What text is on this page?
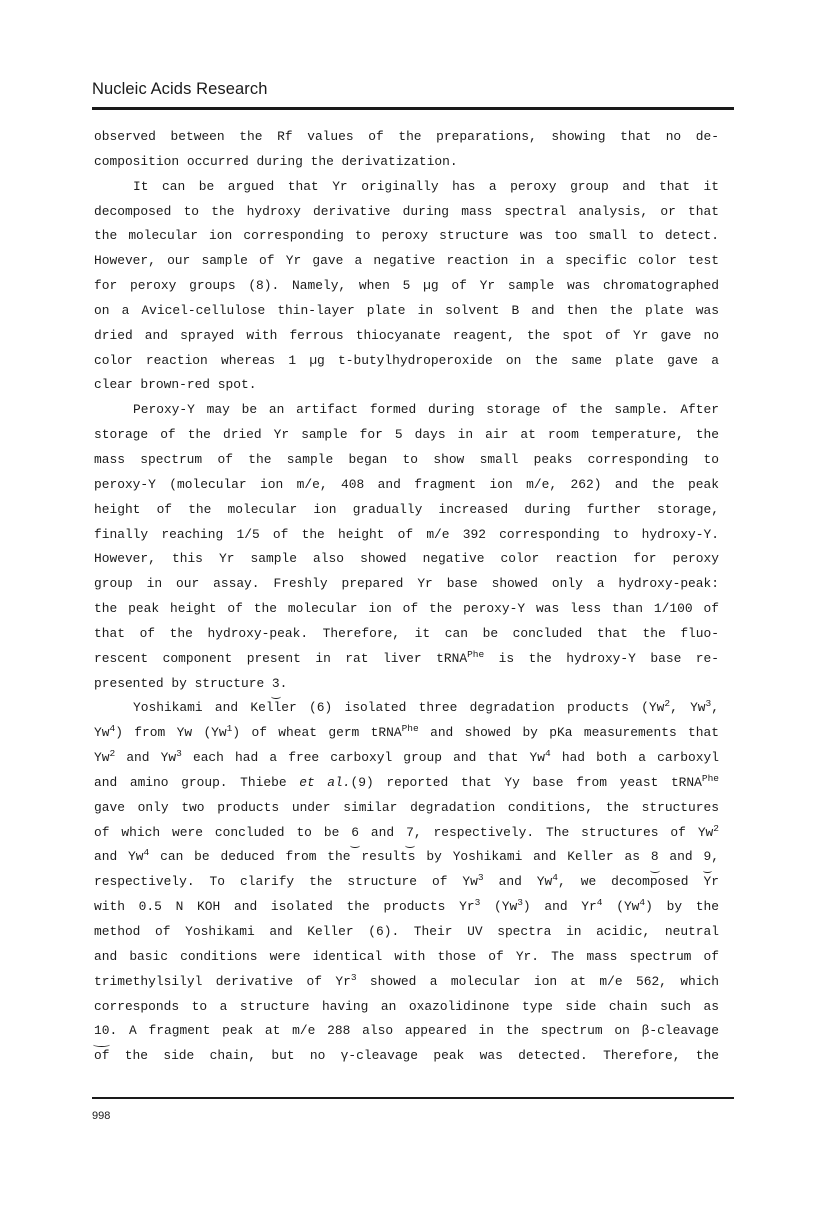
Nucleic Acids Research
observed between the Rf values of the preparations, showing that no de-
composition occurred during the derivatization.
It can be argued that Yr originally has a peroxy group and that it
decomposed to the hydroxy derivative during mass spectral analysis, or that
the molecular ion corresponding to peroxy structure was too small to detect.
However, our sample of Yr gave a negative reaction in a specific color test
for peroxy groups (8). Namely, when 5 µg of Yr sample was chromatographed
on a Avicel-cellulose thin-layer plate in solvent B and then the plate was
dried and sprayed with ferrous thiocyanate reagent, the spot of Yr gave no
color reaction whereas 1 µg t-butylhydroperoxide on the same plate gave a
clear brown-red spot.
Peroxy-Y may be an artifact formed during storage of the sample. After
storage of the dried Yr sample for 5 days in air at room temperature, the
mass spectrum of the sample began to show small peaks corresponding to
peroxy-Y (molecular ion m/e, 408 and fragment ion m/e, 262) and the peak
height of the molecular ion gradually increased during further storage,
finally reaching 1/5 of the height of m/e 392 corresponding to hydroxy-Y.
However, this Yr sample also showed negative color reaction for peroxy
group in our assay. Freshly prepared Yr base showed only a hydroxy-peak:
the peak height of the molecular ion of the peroxy-Y was less than 1/100 of
that of the hydroxy-peak. Therefore, it can be concluded that the fluo-
rescent component present in rat liver tRNA$^{Phe}$ is the hydroxy-Y base re-
presented by structure 3.
Yoshikami and Keller (6) isolated three degradation products (Yw$^2$, Yw$^3$,
Yw$^4$) from Yw (Yw$^1$) of wheat germ tRNA$^{Phe}$ and showed by pKa measurements that
Yw$^2$ and Yw$^3$ each had a free carboxyl group and that Yw$^4$ had both a carboxyl
and amino group. Thiebe et al.(9) reported that Yy base from yeast tRNA$^{Phe}$
gave only two products under similar degradation conditions, the structures
of which were concluded to be 6 and 7, respectively. The structures of Yw$^2$
and Yw$^4$ can be deduced from the results by Yoshikami and Keller as 8 and 9,
respectively. To clarify the structure of Yw$^3$ and Yw$^4$, we decomposed Yr
with 0.5 N KOH and isolated the products Yr$^3$ (Yw$^3$) and Yr$^4$ (Yw$^4$) by the
method of Yoshikami and Keller (6). Their UV spectra in acidic, neutral
and basic conditions were identical with those of Yr. The mass spectrum of
trimethylsilyl derivative of Yr$^3$ showed a molecular ion at m/e 562, which
corresponds to a structure having an oxazolidinone type side chain such as
10. A fragment peak at m/e 288 also appeared in the spectrum on β-cleavage
of the side chain, but no γ-cleavage peak was detected. Therefore, the
998
